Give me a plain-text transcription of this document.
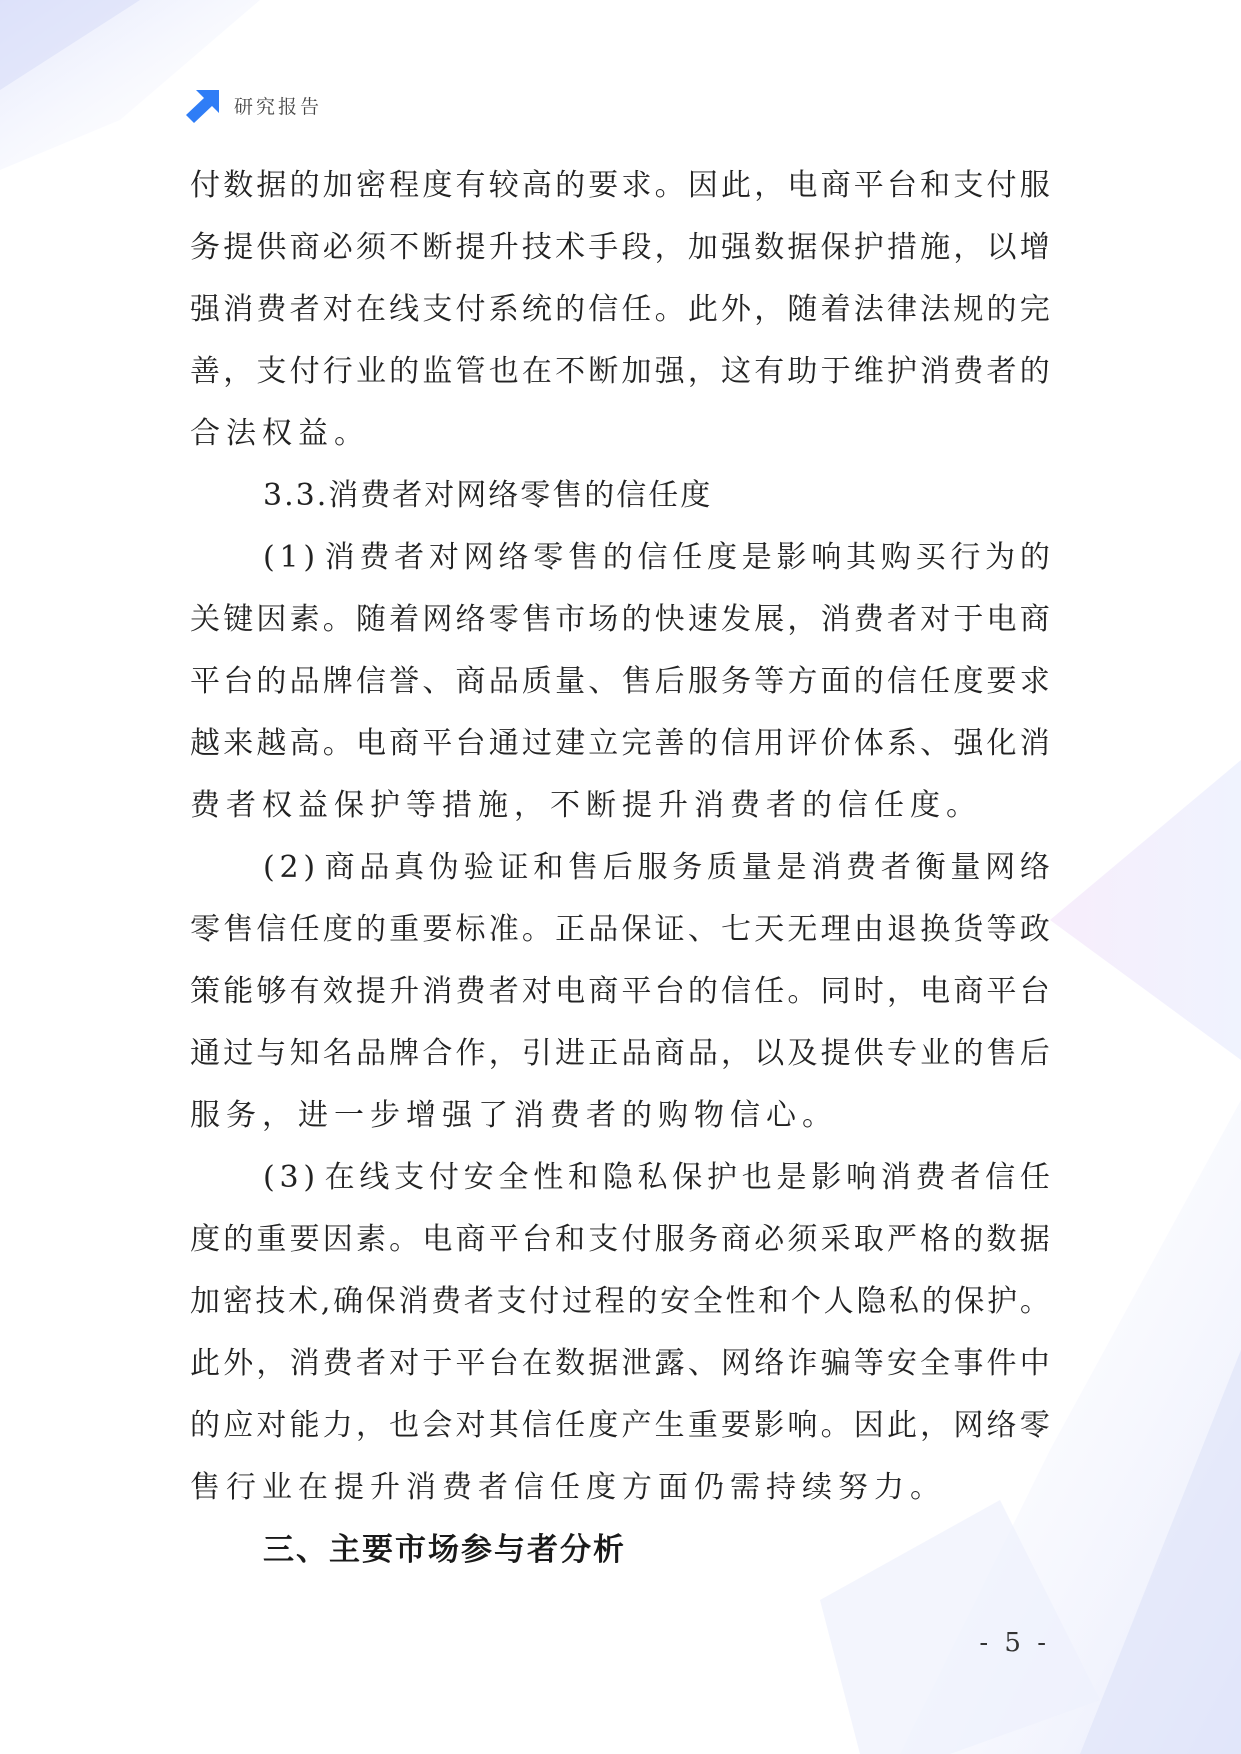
研究报告
付 数 据 的 加 密 程 度 有 较 高 的 要 求 。 因 此 ， 电 商 平 台 和 支 付 服
务 提 供 商 必 须 不 断 提 升 技 术 手 段 ， 加 强 数 据 保 护 措 施 ， 以 增
强 消 费 者 对 在 线 支 付 系 统 的 信 任 。 此 外 ， 随 着 法 律 法 规 的 完
善 ， 支 付 行 业 的 监 管 也 在 不 断 加 强 ， 这 有 助 于 维 护 消 费 者 的
合法权益。
3.3.消费者对网络零售的信任度
( 1 ) 消 费 者 对 网 络 零 售 的 信 任 度 是 影 响 其 购 买 行 为 的
关 键 因 素 。 随 着 网 络 零 售 市 场 的 快 速 发 展 ， 消 费 者 对 于 电 商
平 台 的 品 牌 信 誉 、 商 品 质 量 、 售 后 服 务 等 方 面 的 信 任 度 要 求
越 来 越 高 。 电 商 平 台 通 过 建 立 完 善 的 信 用 评 价 体 系 、 强 化 消
费者权益保护等措施，不断提升消费者的信任度。
( 2 ) 商 品 真 伪 验 证 和 售 后 服 务 质 量 是 消 费 者 衡 量 网 络
零 售 信 任 度 的 重 要 标 准 。 正 品 保 证 、 七 天 无 理 由 退 换 货 等 政
策 能 够 有 效 提 升 消 费 者 对 电 商 平 台 的 信 任 。 同 时 ， 电 商 平 台
通 过 与 知 名 品 牌 合 作 ， 引 进 正 品 商 品 ， 以 及 提 供 专 业 的 售 后
服务，进一步增强了消费者的购物信心。
( 3 ) 在 线 支 付 安 全 性 和 隐 私 保 护 也 是 影 响 消 费 者 信 任
度 的 重 要 因 素 。 电 商 平 台 和 支 付 服 务 商 必 须 采 取 严 格 的 数 据
加 密 技 术 , 确 保 消 费 者 支 付 过 程 的 安 全 性 和 个 人 隐 私 的 保 护 。
此 外 ， 消 费 者 对 于 平 台 在 数 据 泄 露 、 网 络 诈 骗 等 安 全 事 件 中
的 应 对 能 力 ， 也 会 对 其 信 任 度 产 生 重 要 影 响 。 因 此 ， 网 络 零
售行业在提升消费者信任度方面仍需持续努力。
三、主要市场参与者分析
- 5 -
